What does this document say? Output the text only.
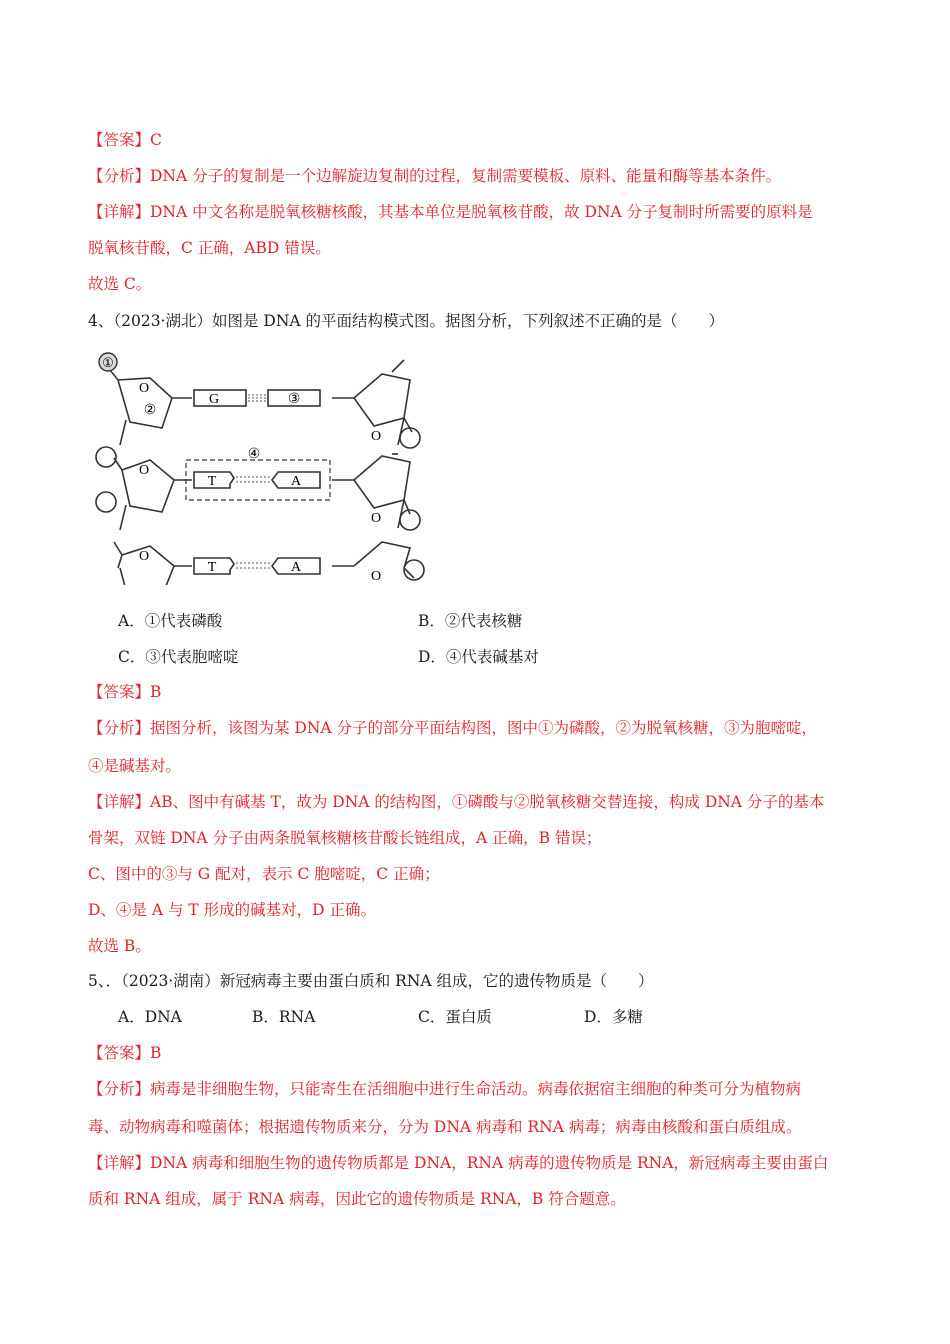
【答案】C
【分析】DNA 分子的复制是一个边解旋边复制的过程，复制需要模板、原料、能量和酶等基本条件。
【详解】DNA 中文名称是脱氧核糖核酸，其基本单位是脱氧核苷酸，故 DNA 分子复制时所需要的原料是
脱氧核苷酸，C 正确，ABD 错误。
故选 C。
4、（2023·湖北）如图是 DNA 的平面结构模式图。据图分析，下列叙述不正确的是（　　）
①
O
O
O
O
O
O
②
G	③
T	A
T	A
④
A．①代表磷酸	B．②代表核糖
C．③代表胞嘧啶	D．④代表碱基对
【答案】B
【分析】据图分析，该图为某 DNA 分子的部分平面结构图，图中①为磷酸，②为脱氧核糖，③为胞嘧啶，
④是碱基对。
【详解】AB、图中有碱基 T，故为 DNA 的结构图，①磷酸与②脱氧核糖交替连接，构成 DNA 分子的基本
骨架，双链 DNA 分子由两条脱氧核糖核苷酸长链组成，A 正确，B 错误；
C、图中的③与 G 配对，表示 C 胞嘧啶，C 正确；
D、④是 A 与 T 形成的碱基对，D 正确。
故选 B。
5、．（2023·湖南）新冠病毒主要由蛋白质和 RNA 组成，它的遗传物质是（　　）
A．DNA	B．RNA	C．蛋白质	D．多糖
【答案】B
【分析】病毒是非细胞生物，只能寄生在活细胞中进行生命活动。病毒依据宿主细胞的种类可分为植物病
毒、动物病毒和噬菌体；根据遗传物质来分，分为 DNA 病毒和 RNA 病毒；病毒由核酸和蛋白质组成。
【详解】DNA 病毒和细胞生物的遗传物质都是 DNA，RNA 病毒的遗传物质是 RNA，新冠病毒主要由蛋白
质和 RNA 组成，属于 RNA 病毒，因此它的遗传物质是 RNA，B 符合题意。
